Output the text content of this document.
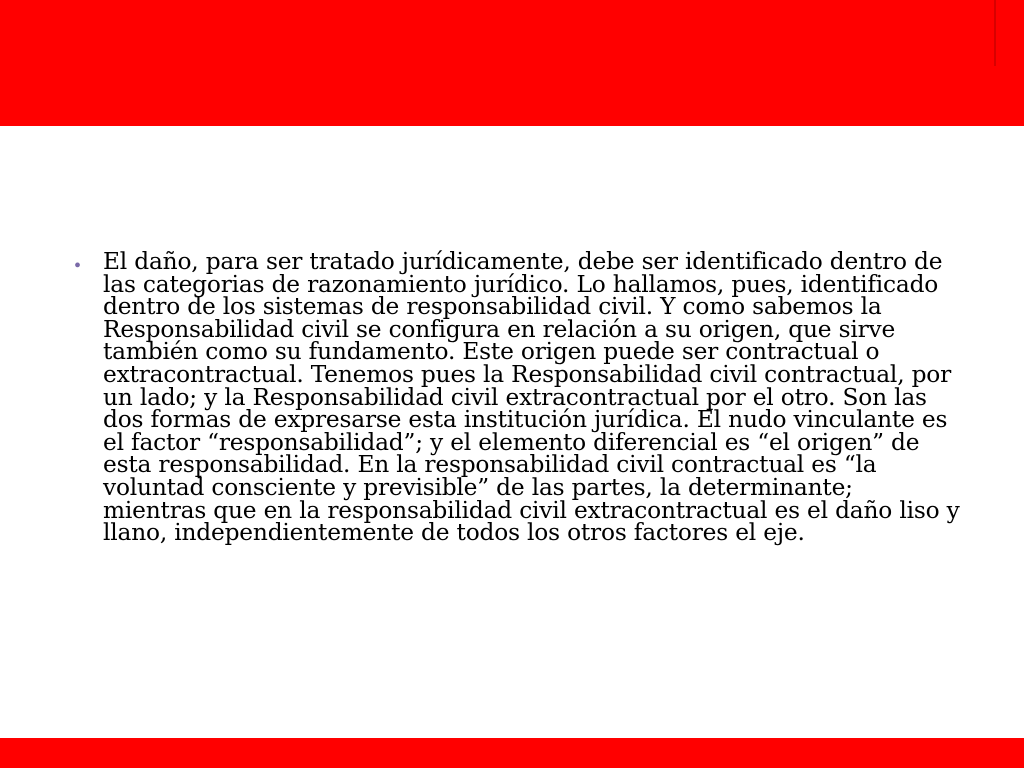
• El daño, para ser tratado jurídicamente, debe ser identificado dentro de las categorias de razonamiento jurídico. Lo hallamos, pues, identificado dentro de los sistemas de responsabilidad civil. Y como sabemos la Responsabilidad civil se configura en relación a su origen, que sirve también como su fundamento. Este origen puede ser contractual o extracontractual. Tenemos pues la Responsabilidad civil contractual, por un lado; y la Responsabilidad civil extracontractual por el otro. Son las dos formas de expresarse esta institución jurídica. El nudo vinculante es el factor “responsabilidad”; y el elemento diferencial es “el origen” de esta responsabilidad. En la responsabilidad civil contractual es “la voluntad consciente y previsible” de las partes, la determinante; mientras que en la responsabilidad civil extracontractual es el daño liso y llano, independientemente de todos los otros factores el eje.
